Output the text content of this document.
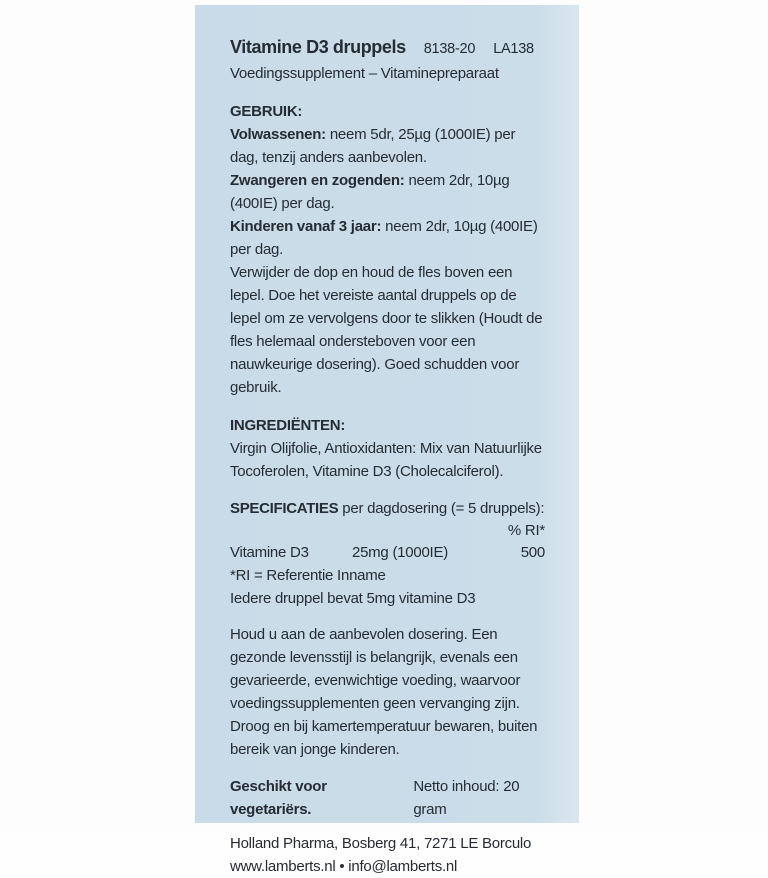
Vitamine D3 druppels 8138-20 LA138
Voedingssupplement – Vitaminepreparaat
GEBRUIK:
Volwassenen: neem 5dr, 25µg (1000IE) per dag, tenzij anders aanbevolen.
Zwangeren en zogenden: neem 2dr, 10µg (400IE) per dag.
Kinderen vanaf 3 jaar: neem 2dr, 10µg (400IE) per dag.
Verwijder de dop en houd de fles boven een lepel. Doe het vereiste aantal druppels op de lepel om ze vervolgens door te slikken (Houdt de fles helemaal ondersteboven voor een nauwkeurige dosering). Goed schudden voor gebruik.
INGREDIËNTEN:
Virgin Olijfolie, Antioxidanten: Mix van Natuurlijke Tocoferolen, Vitamine D3 (Cholecalciferol).
SPECIFICATIES per dagdosering (= 5 druppels):
% RI*
Vitamine D3	25mg (1000IE)	500
*RI = Referentie Inname
Iedere druppel bevat 5mg vitamine D3
Houd u aan de aanbevolen dosering. Een gezonde levensstijl is belangrijk, evenals een gevarieerde, evenwichtige voeding, waarvoor voedingssupplementen geen vervanging zijn. Droog en bij kamertemperatuur bewaren, buiten bereik van jonge kinderen.
Geschikt voor vegetariërs.
Netto inhoud: 20 gram
Holland Pharma, Bosberg 41, 7271 LE Borculo
www.lamberts.nl • info@lamberts.nl
